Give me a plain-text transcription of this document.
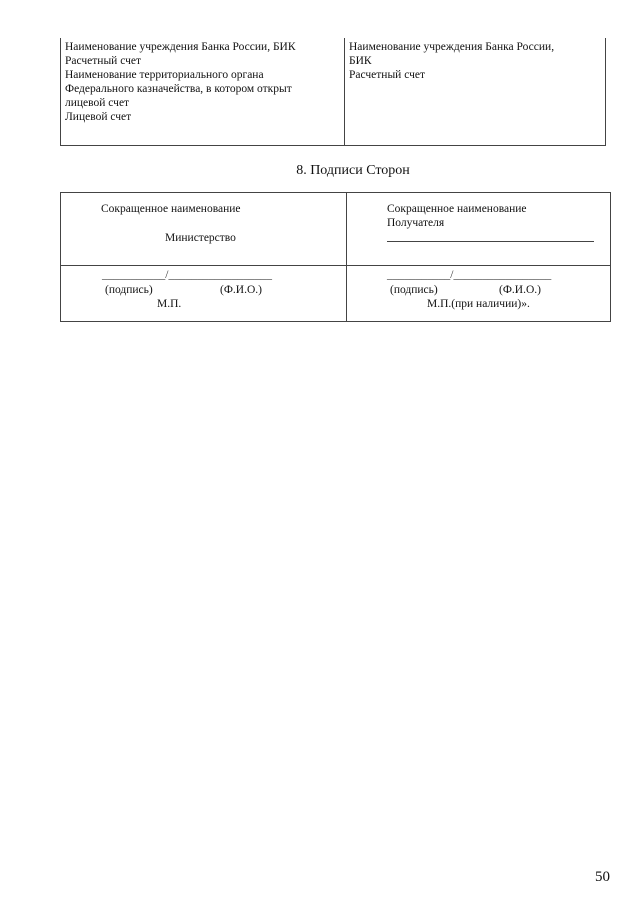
Наименование учреждения Банка России, БИК
Расчетный счет
Наименование территориального органа
Федерального казначейства, в котором открыт
лицевой счет
Лицевой счет
Наименование учреждения Банка России,
БИК
Расчетный счет
8. Подписи Сторон
Сокращенное наименование
Министерство
Сокращенное наименование
Получателя
___________/__________________
(подпись)	(Ф.И.О.)
М.П.
___________/_________________
(подпись)	(Ф.И.О.)
М.П.(при наличии)».
50
